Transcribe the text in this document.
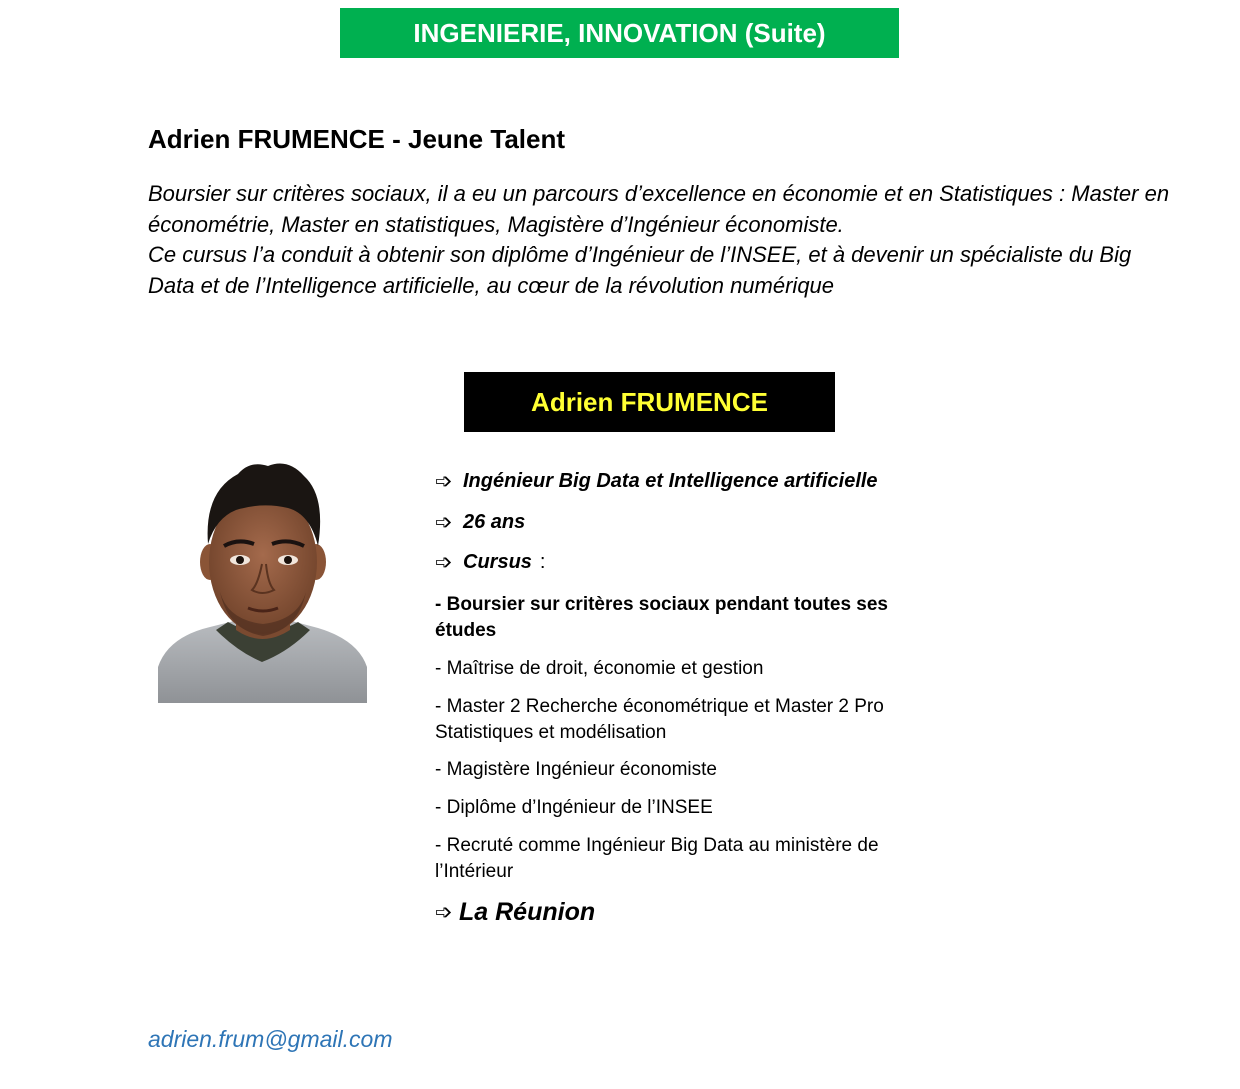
INGENIERIE, INNOVATION (Suite)
Adrien FRUMENCE - Jeune Talent

Boursier sur critères sociaux, il a eu un parcours d’excellence en économie et en Statistiques : Master en économétrie, Master en statistiques, Magistère d’Ingénieur économiste.

Ce cursus l’a conduit à obtenir son diplôme d’Ingénieur de l’INSEE, et à devenir un spécialiste du Big Data et de l’Intelligence artificielle, au cœur de la révolution numérique

Adrien FRUMENCE
➩ Ingénieur Big Data et Intelligence artificielle
➩ 26 ans
➩ Cursus :
- Boursier sur critères sociaux pendant toutes ses études
- Maîtrise de droit, économie et gestion
- Master 2 Recherche économétrique et Master 2 Pro Statistiques et modélisation
- Magistère Ingénieur économiste
- Diplôme d’Ingénieur de l’INSEE
- Recruté comme Ingénieur Big Data au ministère de l’Intérieur
➩ La Réunion
adrien.frum@gmail.com
